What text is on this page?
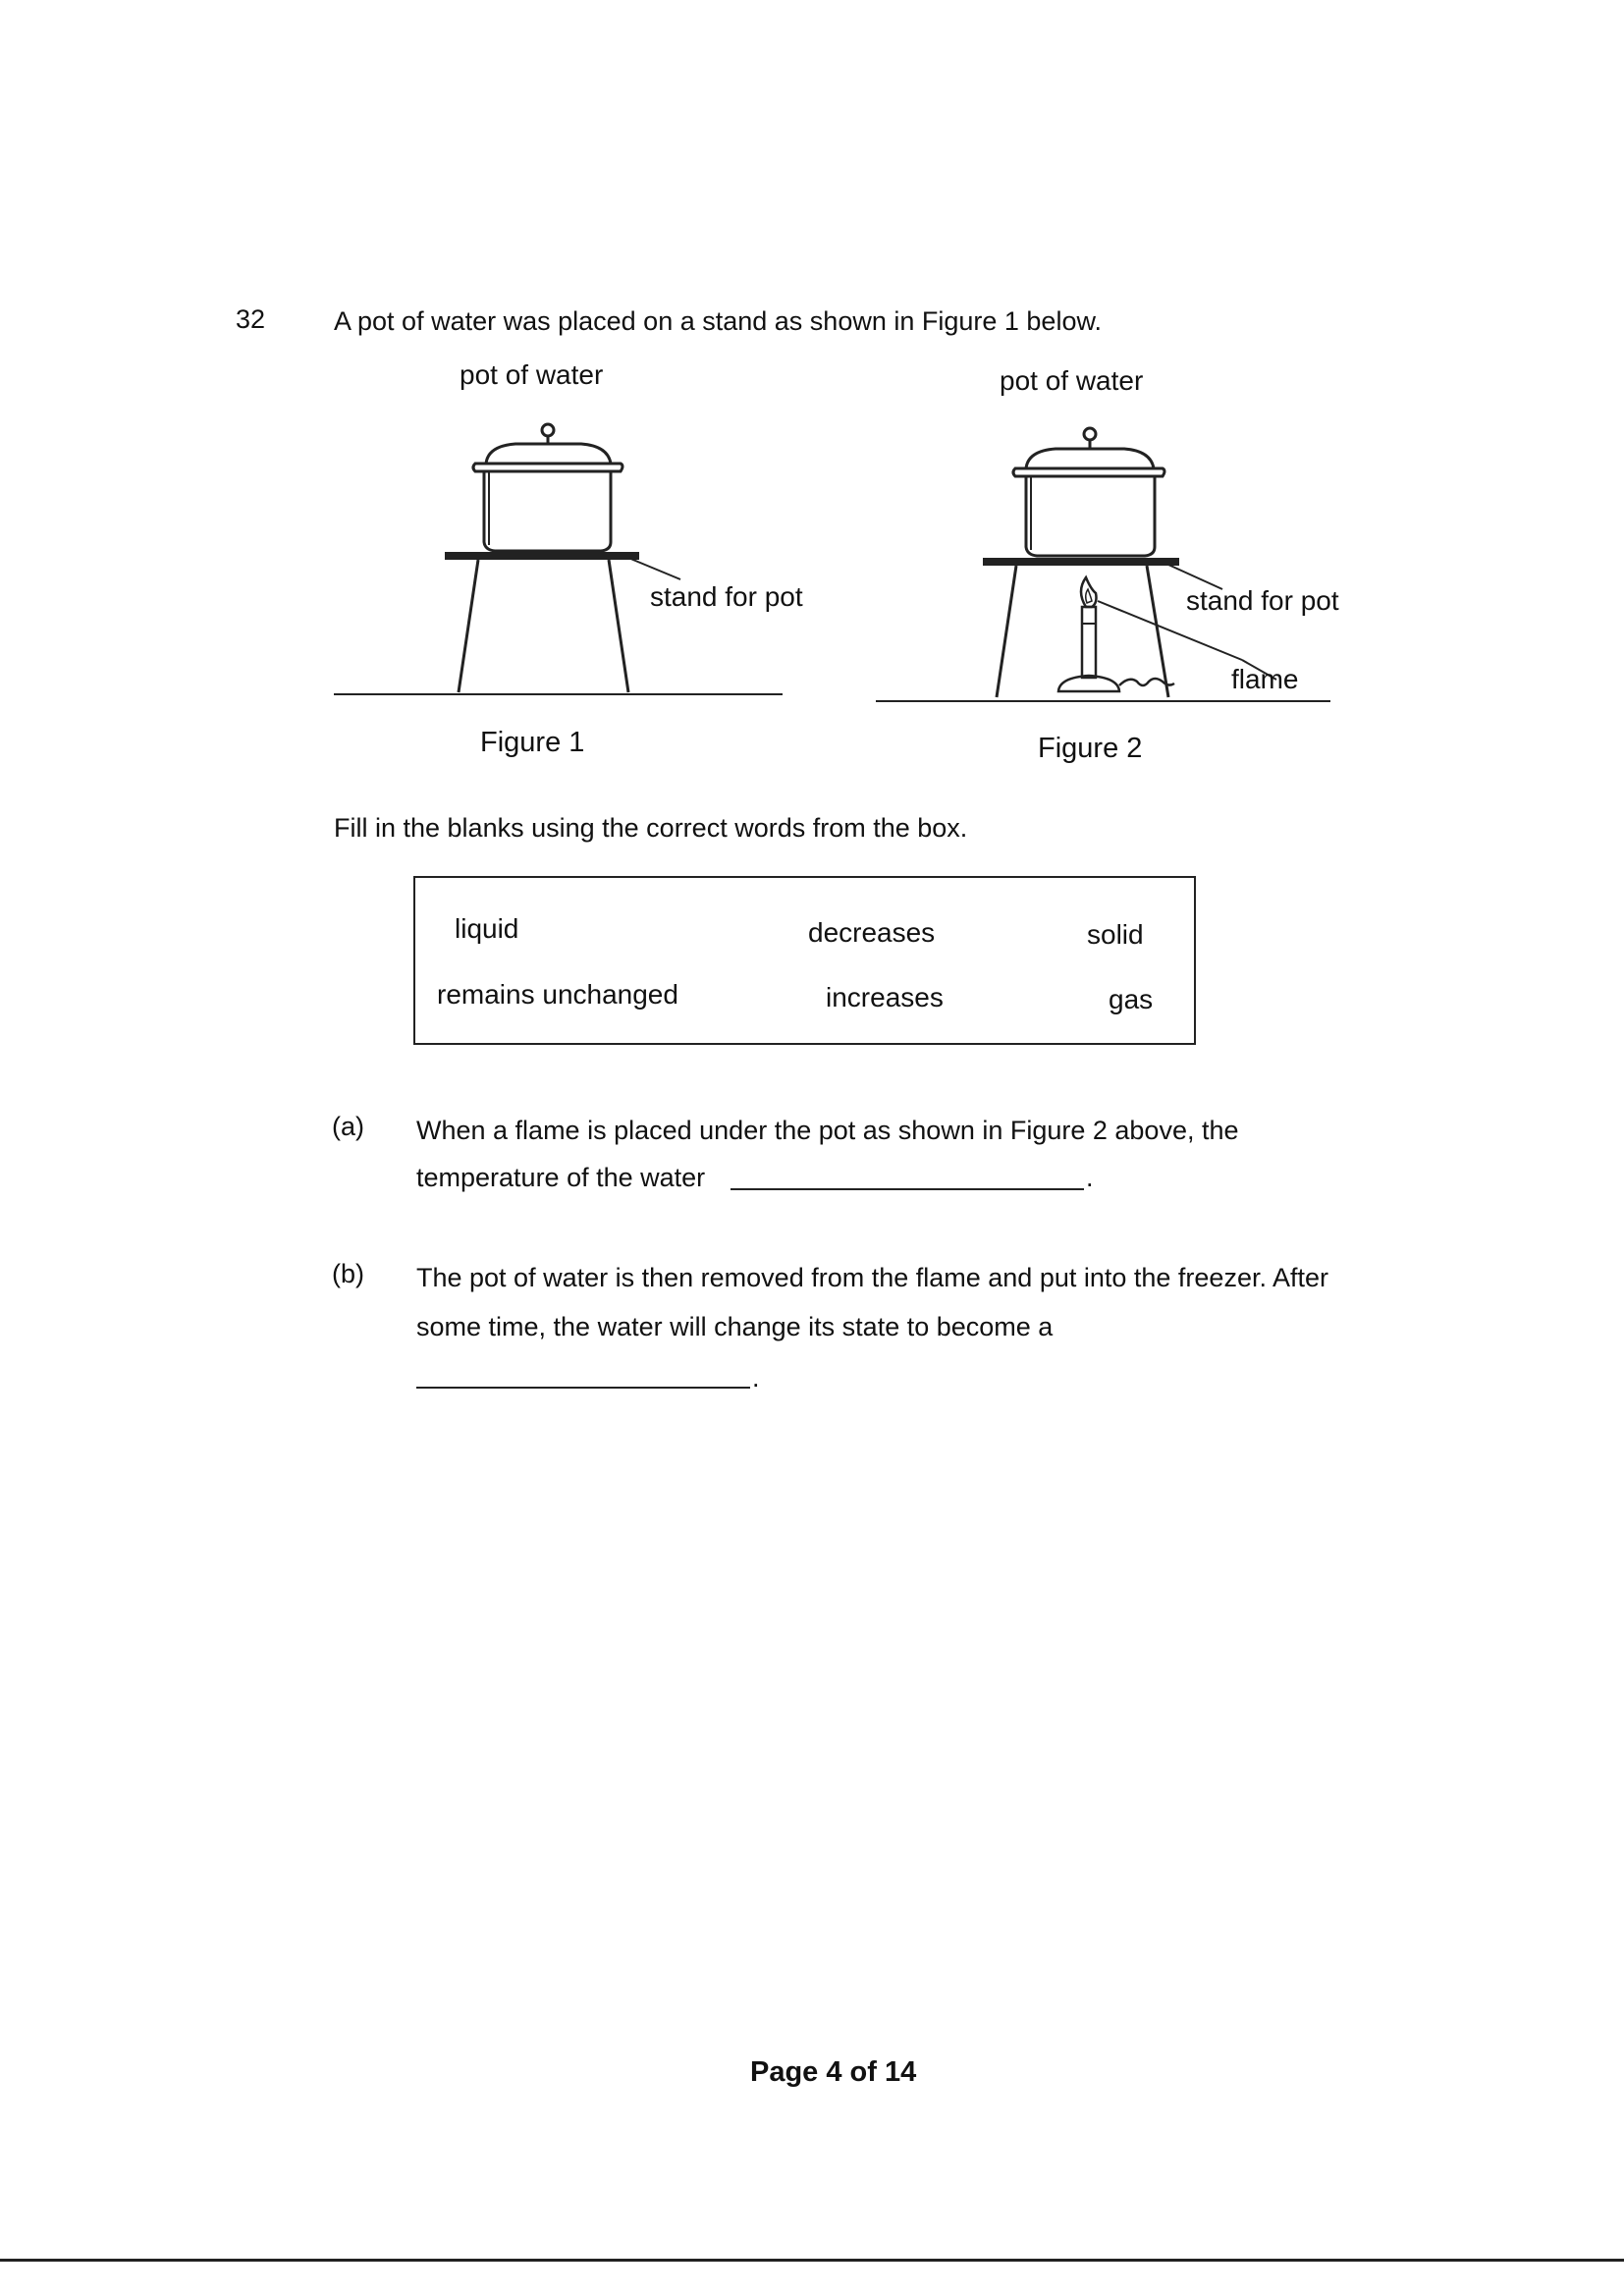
32	A pot of water was placed on a stand as shown in Figure 1 below.
pot of water
stand for pot
Figure 1
pot of water
stand for pot
flame
Figure 2
Fill in the blanks using the correct words from the box.
liquid	decreases	solid
remains unchanged	increases	gas
(a) When a flame is placed under the pot as shown in Figure 2 above, the
temperature of the water	.
(b) The pot of water is then removed from the flame and put into the freezer. After
some time, the water will change its state to become a
.
Page 4 of 14
